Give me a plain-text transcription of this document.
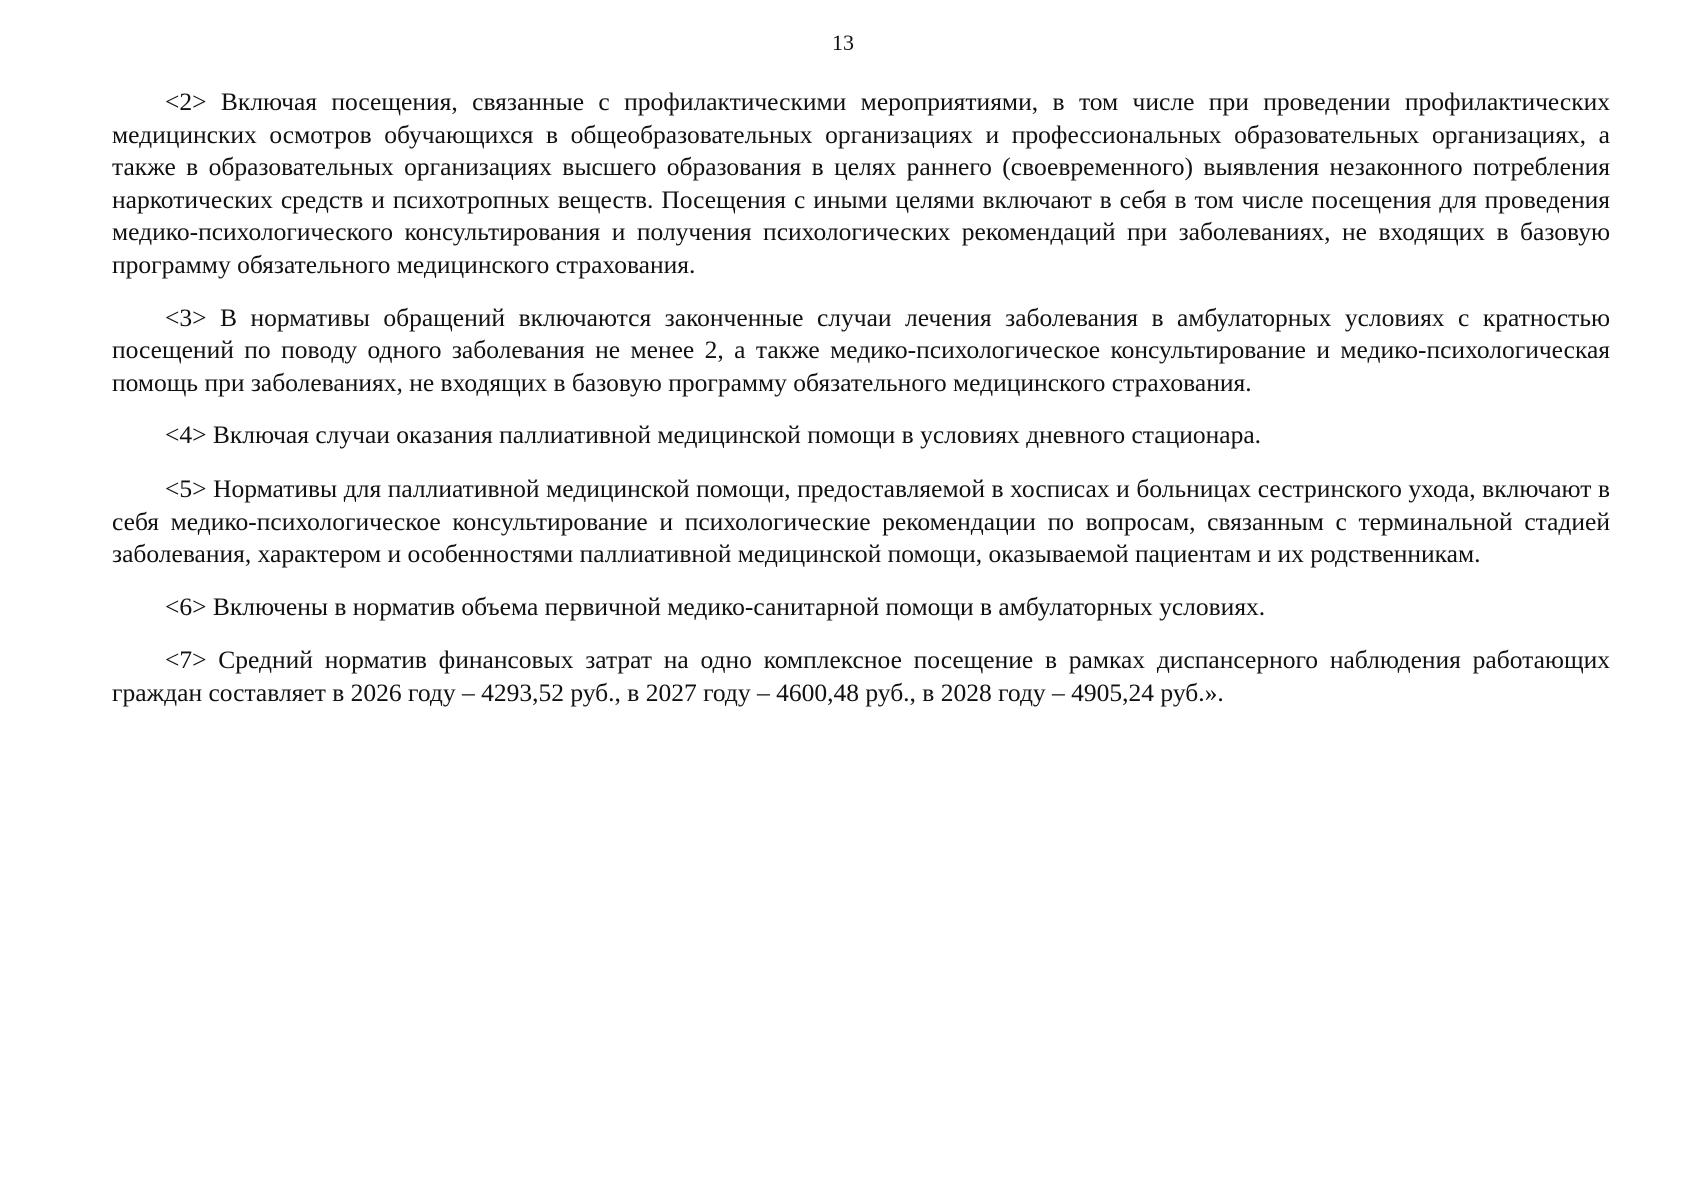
13

<2> Включая посещения, связанные с профилактическими мероприятиями, в том числе при проведении профилактических медицинских осмотров обучающихся в общеобразовательных организациях и профессиональных образовательных организациях, а также в образовательных организациях высшего образования в целях раннего (своевременного) выявления незаконного потребления наркотических средств и психотропных веществ. Посещения с иными целями включают в себя в том числе посещения для проведения медико-психологического консультирования и получения психологических рекомендаций при заболеваниях, не входящих в базовую программу обязательного медицинского страхования.

<3> В нормативы обращений включаются законченные случаи лечения заболевания в амбулаторных условиях с кратностью посещений по поводу одного заболевания не менее 2, а также медико-психологическое консультирование и медико-психологическая помощь при заболеваниях, не входящих в базовую программу обязательного медицинского страхования.

<4> Включая случаи оказания паллиативной медицинской помощи в условиях дневного стационара.

<5> Нормативы для паллиативной медицинской помощи, предоставляемой в хосписах и больницах сестринского ухода, включают в себя медико-психологическое консультирование и психологические рекомендации по вопросам, связанным с терминальной стадией заболевания, характером и особенностями паллиативной медицинской помощи, оказываемой пациентам и их родственникам.

<6> Включены в норматив объема первичной медико-санитарной помощи в амбулаторных условиях.

<7> Средний норматив финансовых затрат на одно комплексное посещение в рамках диспансерного наблюдения работающих граждан составляет в 2026 году – 4293,52 руб., в 2027 году – 4600,48 руб., в 2028 году – 4905,24 руб.».
